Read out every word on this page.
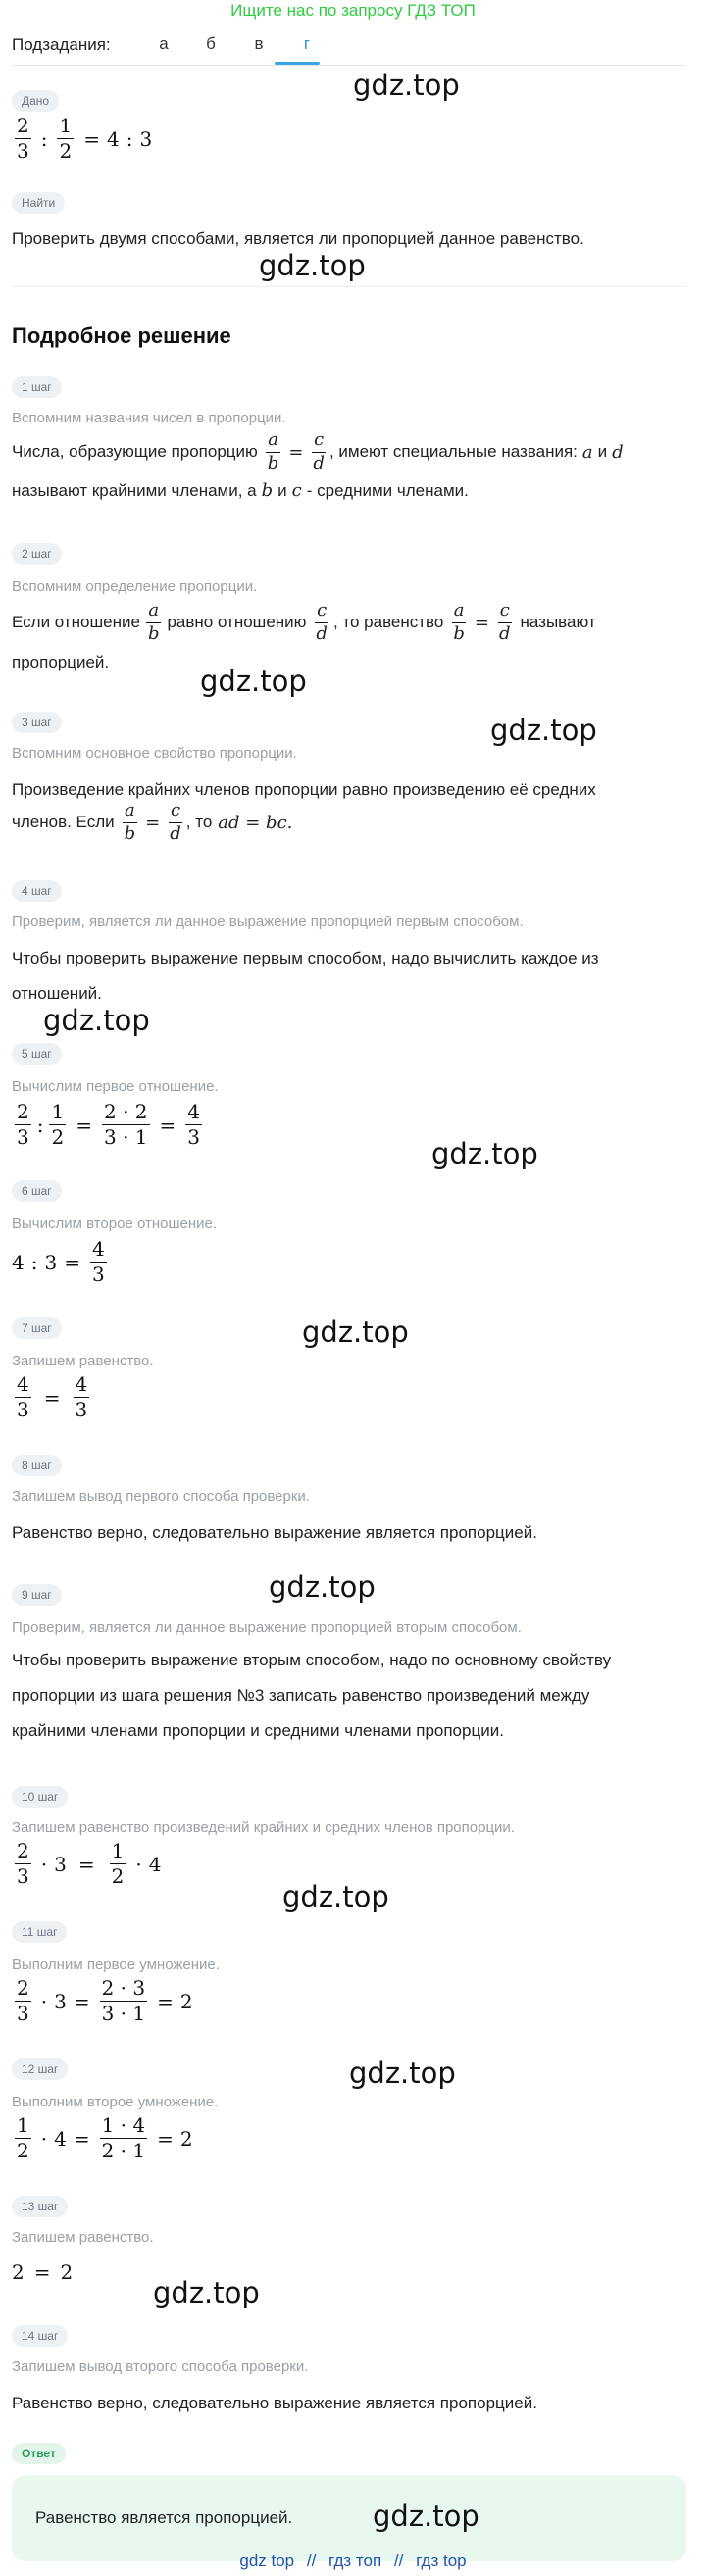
Ищите нас по запросу ГДЗ ТОП
Подзадания:	а	б	в	г
Дано
$\frac{2}{3}$ : $\frac{1}{2} = 4$ : 3
Найти
Проверить двумя способами, является ли пропорцией данное равенство.
Подробное решение
1 шаг
Вспомним названия чисел в пропорции.
Числа, образующие пропорцию $\frac{a}{b} = \frac{c}{d}$ , имеют специальные названия: a и d
называют крайними членами, а b и c - средними членами.
2 шаг
Вспомним определение пропорции.
Если отношение $\frac{a}{b}$ равно отношению $\frac{c}{d}$ , то равенство $\frac{a}{b} = \frac{c}{d}$ называют
пропорцией.
3 шаг
Вспомним основное свойство пропорции.
Произведение крайних членов пропорции равно произведению её средних
членов. Если $\frac{a}{b} = \frac{c}{d}$ , то ad = bc.
4 шаг
Проверим, является ли данное выражение пропорцией первым способом.
Чтобы проверить выражение первым способом, надо вычислить каждое из отношений.
5 шаг
Вычислим первое отношение.
$\frac{2}{3}$ : $\frac{1}{2} = \frac{2 \cdot 2}{3 \cdot 1} = \frac{4}{3}$
6 шаг
Вычислим второе отношение.
4 : $3 = \frac{4}{3}$
7 шаг
Запишем равенство.
$\frac{4}{3} = \frac{4}{3}$
8 шаг
Запишем вывод первого способа проверки.
Равенство верно, следовательно выражение является пропорцией.
9 шаг
Проверим, является ли данное выражение пропорцией вторым способом.
Чтобы проверить выражение вторым способом, надо по основному свойству пропорции из шага решения №3 записать равенство произведений между крайними членами пропорции и средними членами пропорции.
10 шаг
Запишем равенство произведений крайних и средних членов пропорции.
$\frac{2}{3} \cdot 3 = \frac{1}{2} \cdot 4$
11 шаг
Выполним первое умножение.
$\frac{2}{3} \cdot 3 = \frac{2 \cdot 3}{3 \cdot 1} = 2$
12 шаг
Выполним второе умножение.
$\frac{1}{2} \cdot 4 = \frac{1 \cdot 4}{2 \cdot 1} = 2$
13 шаг
Запишем равенство.
2 = 2
14 шаг
Запишем вывод второго способа проверки.
Равенство верно, следовательно выражение является пропорцией.
Ответ
Равенство является пропорцией.
gdz.top
gdz.top
gdz.top
gdz.top
gdz.top
gdz.top
gdz.top
gdz.top
gdz.top
gdz.top
gdz.top
gdz.top
gdz top // гдз топ // гдз top
